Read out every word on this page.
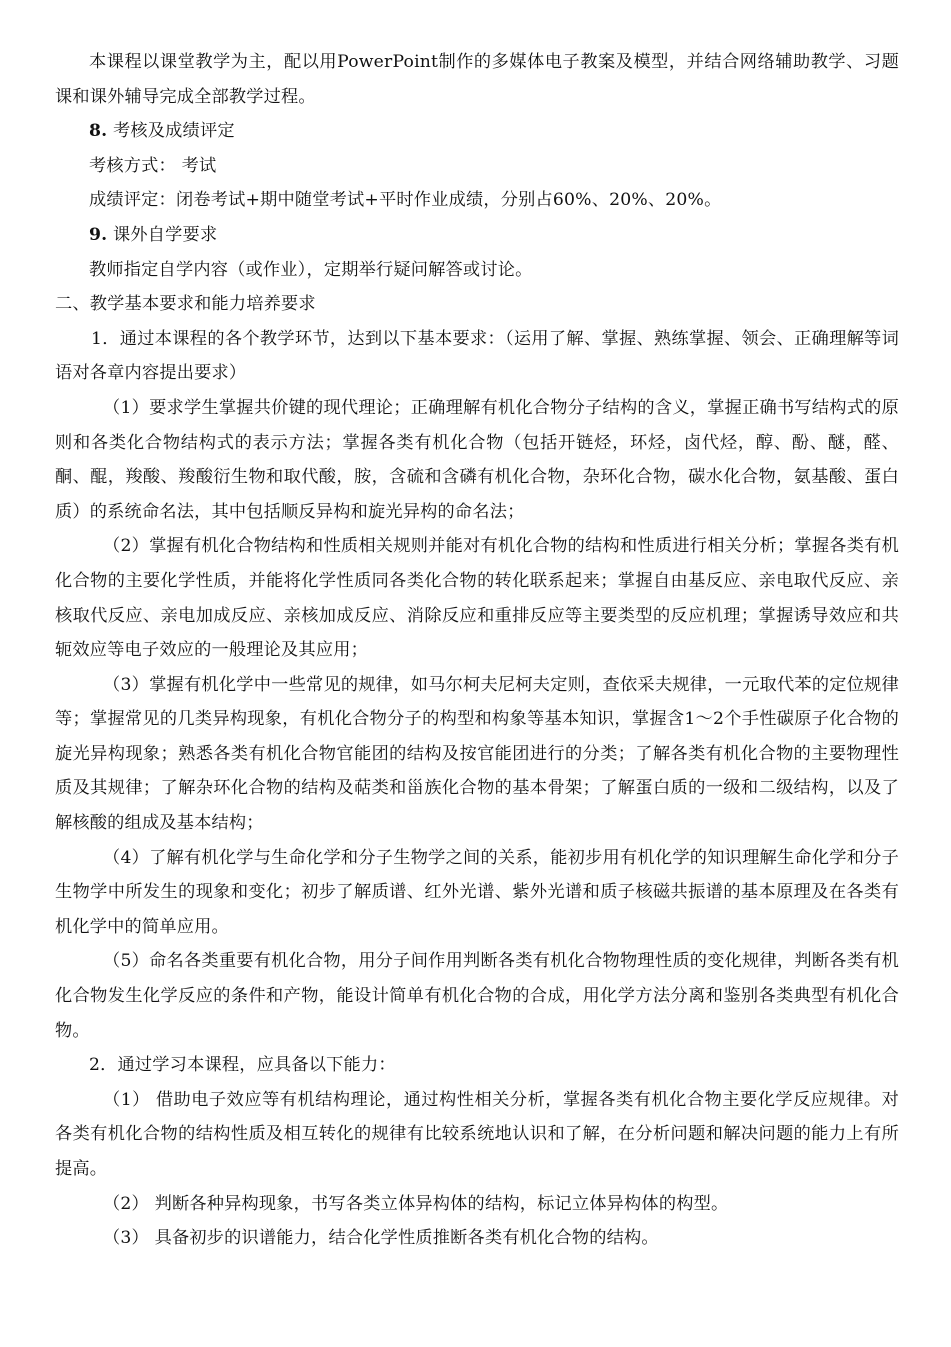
本课程以课堂教学为主，配以用PowerPoint制作的多媒体电子教案及模型，并结合网络辅助教学、习题课和课外辅导完成全部教学过程。

8. 考核及成绩评定

考核方式： 考试

成绩评定：闭卷考试+期中随堂考试+平时作业成绩，分别占60%、20%、20%。

9. 课外自学要求

教师指定自学内容（或作业），定期举行疑问解答或讨论。

二、教学基本要求和能力培养要求

1．通过本课程的各个教学环节，达到以下基本要求：（运用了解、掌握、熟练掌握、领会、正确理解等词语对各章内容提出要求）

（1）要求学生掌握共价键的现代理论；正确理解有机化合物分子结构的含义，掌握正确书写结构式的原则和各类化合物结构式的表示方法；掌握各类有机化合物（包括开链烃，环烃，卤代烃，醇、酚、醚，醛、酮、醌，羧酸、羧酸衍生物和取代酸，胺，含硫和含磷有机化合物，杂环化合物，碳水化合物，氨基酸、蛋白质）的系统命名法，其中包括顺反异构和旋光异构的命名法；

（2）掌握有机化合物结构和性质相关规则并能对有机化合物的结构和性质进行相关分析；掌握各类有机化合物的主要化学性质，并能将化学性质同各类化合物的转化联系起来；掌握自由基反应、亲电取代反应、亲核取代反应、亲电加成反应、亲核加成反应、消除反应和重排反应等主要类型的反应机理；掌握诱导效应和共轭效应等电子效应的一般理论及其应用；

（3）掌握有机化学中一些常见的规律，如马尔柯夫尼柯夫定则，查依采夫规律，一元取代苯的定位规律等；掌握常见的几类异构现象，有机化合物分子的构型和构象等基本知识，掌握含1～2个手性碳原子化合物的旋光异构现象；熟悉各类有机化合物官能团的结构及按官能团进行的分类；了解各类有机化合物的主要物理性质及其规律；了解杂环化合物的结构及萜类和甾族化合物的基本骨架；了解蛋白质的一级和二级结构，以及了解核酸的组成及基本结构；

（4）了解有机化学与生命化学和分子生物学之间的关系，能初步用有机化学的知识理解生命化学和分子生物学中所发生的现象和变化；初步了解质谱、红外光谱、紫外光谱和质子核磁共振谱的基本原理及在各类有机化学中的简单应用。

（5）命名各类重要有机化合物，用分子间作用判断各类有机化合物物理性质的变化规律，判断各类有机化合物发生化学反应的条件和产物，能设计简单有机化合物的合成，用化学方法分离和鉴别各类典型有机化合物。

2．通过学习本课程，应具备以下能力：

（1） 借助电子效应等有机结构理论，通过构性相关分析，掌握各类有机化合物主要化学反应规律。对各类有机化合物的结构性质及相互转化的规律有比较系统地认识和了解，在分析问题和解决问题的能力上有所提高。

（2） 判断各种异构现象，书写各类立体异构体的结构，标记立体异构体的构型。

（3） 具备初步的识谱能力，结合化学性质推断各类有机化合物的结构。
